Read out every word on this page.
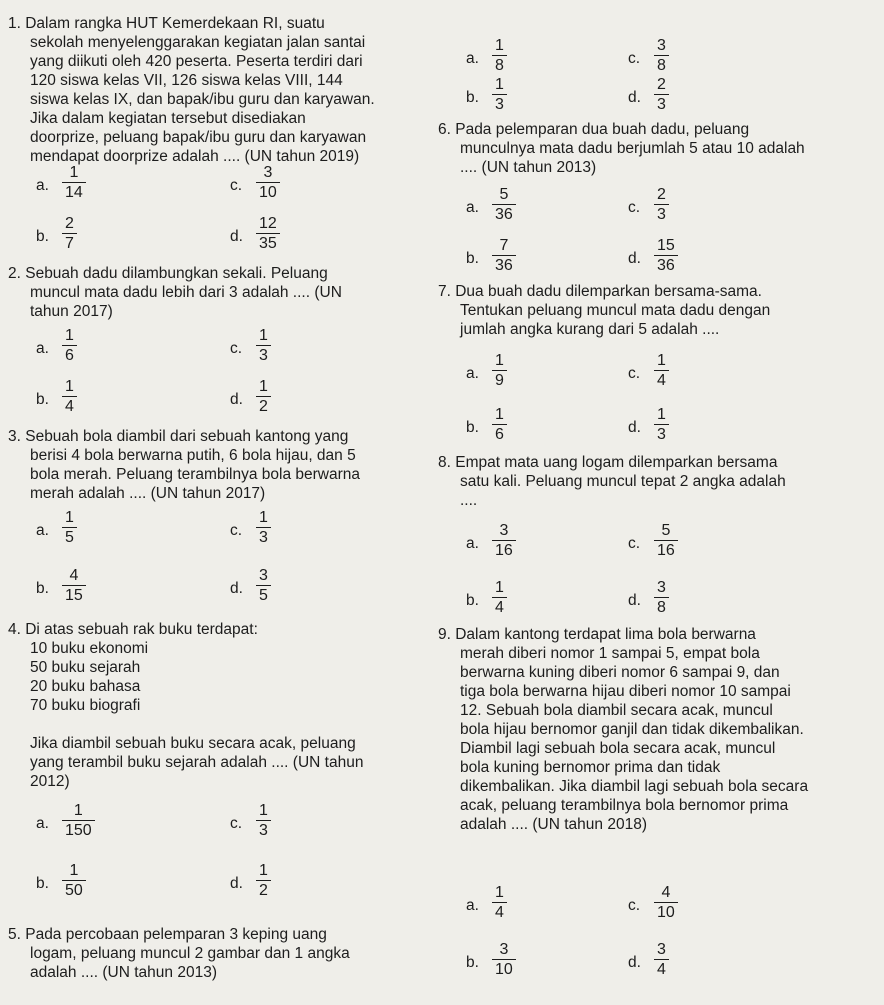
1. Dalam rangka HUT Kemerdekaan RI, suatu
sekolah menyelenggarakan kegiatan jalan santai
yang diikuti oleh 420 peserta. Peserta terdiri dari
120 siswa kelas VII, 126 siswa kelas VIII, 144
siswa kelas IX, dan bapak/ibu guru dan karyawan.
Jika dalam kegiatan tersebut disediakan
doorprize, peluang bapak/ibu guru dan karyawan
mendapat doorprize adalah .... (UN tahun 2019)
a. $\frac{1}{14}$
b. $\frac{2}{7}$
c. $\frac{3}{10}$
d. $\frac{12}{35}$
2. Sebuah dadu dilambungkan sekali. Peluang
muncul mata dadu lebih dari 3 adalah .... (UN
tahun 2017)
a. $\frac{1}{6}$
b. $\frac{1}{4}$
c. $\frac{1}{3}$
d. $\frac{1}{2}$
3. Sebuah bola diambil dari sebuah kantong yang
berisi 4 bola berwarna putih, 6 bola hijau, dan 5
bola merah. Peluang terambilnya bola berwarna
merah adalah .... (UN tahun 2017)
a. $\frac{1}{5}$
b. $\frac{4}{15}$
c. $\frac{1}{3}$
d. $\frac{3}{5}$
4. Di atas sebuah rak buku terdapat:
10 buku ekonomi
50 buku sejarah
20 buku bahasa
70 buku biografi
Jika diambil sebuah buku secara acak, peluang
yang terambil buku sejarah adalah .... (UN tahun
2012)
a. $\frac{1}{150}$
b. $\frac{1}{50}$
c. $\frac{1}{3}$
d. $\frac{1}{2}$
5. Pada percobaan pelemparan 3 keping uang
logam, peluang muncul 2 gambar dan 1 angka
adalah .... (UN tahun 2013)
a. $\frac{1}{8}$
b. $\frac{1}{3}$
c. $\frac{3}{8}$
d. $\frac{2}{3}$
6. Pada pelemparan dua buah dadu, peluang
munculnya mata dadu berjumlah 5 atau 10 adalah
.... (UN tahun 2013)
a. $\frac{5}{36}$
b. $\frac{7}{36}$
c. $\frac{2}{3}$
d. $\frac{15}{36}$
7. Dua buah dadu dilemparkan bersama-sama.
Tentukan peluang muncul mata dadu dengan
jumlah angka kurang dari 5 adalah ....
a. $\frac{1}{9}$
b. $\frac{1}{6}$
c. $\frac{1}{4}$
d. $\frac{1}{3}$
8. Empat mata uang logam dilemparkan bersama
satu kali. Peluang muncul tepat 2 angka adalah
....
a. $\frac{3}{16}$
b. $\frac{1}{4}$
c. $\frac{5}{16}$
d. $\frac{3}{8}$
9. Dalam kantong terdapat lima bola berwarna
merah diberi nomor 1 sampai 5, empat bola
berwarna kuning diberi nomor 6 sampai 9, dan
tiga bola berwarna hijau diberi nomor 10 sampai
12. Sebuah bola diambil secara acak, muncul
bola hijau bernomor ganjil dan tidak dikembalikan.
Diambil lagi sebuah bola secara acak, muncul
bola kuning bernomor prima dan tidak
dikembalikan. Jika diambil lagi sebuah bola secara
acak, peluang terambilnya bola bernomor prima
adalah .... (UN tahun 2018)
a. $\frac{1}{4}$
b. $\frac{3}{10}$
c. $\frac{4}{10}$
d. $\frac{3}{4}$
